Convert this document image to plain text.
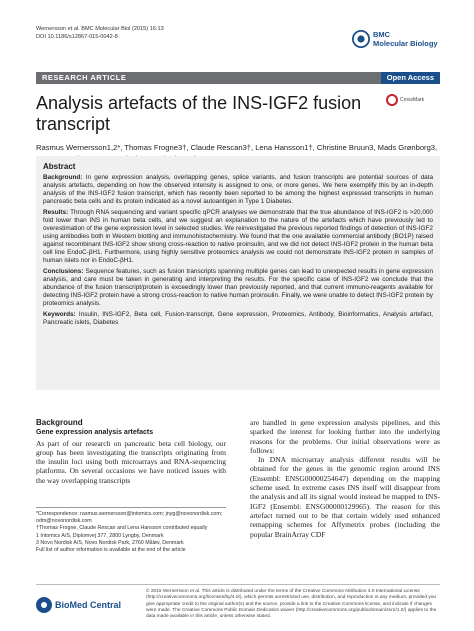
Wernersson et al. BMC Molecular Biol (2015) 16:13
DOI 10.1186/s12867-015-0042-8	BMC
Molecular Biology
RESEARCH ARTICLE	Open Access
Analysis artefacts of the INS-IGF2 fusion transcript
CrossMark
Rasmus Wernersson1,2*, Thomas Frogne3†, Claude Rescan3†, Lena Hansson1†, Christine Bruun3, Mads Grønborg3,
Abstract

Background: In gene expression analysis, overlapping genes, splice variants, and fusion transcripts are potential sources of data analysis artefacts, depending on how the observed intensity is assigned to one, or more genes. We here exemplify this by an in-depth analysis of the INS-IGF2 fusion transcript, which has recently been reported to be among the highest expressed transcripts in human pancreatic beta cells and its protein indicated as a novel autoantigen in Type 1 Diabetes.

Results: Through RNA sequencing and variant specific qPCR analyses we demonstrate that the true abundance of INS-IGF2 is >20,000 fold lower than INS in human beta cells, and we suggest an explanation to the nature of the artefacts which have previously led to overestimation of the gene expression level in selected studies. We reinvestigated the previous reported findings of detection of INS-IGF2 using antibodies both in Western blotting and immunohistochemistry. We found that the one available commercial antibody (BO1P) raised against recombinant INS-IGF2 show strong cross-reaction to native proinsulin, and we did not detect INS-IGF2 protein in the human beta cell line EndoC-βH1. Furthermore, using highly sensitive proteomics analysis we could not demonstrate INS-IGF2 protein in samples of human islets nor in EndoC-βH1.

Conclusions: Sequence features, such as fusion transcripts spanning multiple genes can lead to unexpected results in gene expression analysis, and care must be taken in generating and interpreting the results. For the specific case of INS-IGF2 we conclude that the abundance of the fusion transcript/protein is exceedingly lower than previously reported, and that current immuno-reagents available for detecting INS-IGF2 protein have a strong cross-reaction to native human proinsulin. Finally, we were unable to detect INS-IGF2 protein by proteomics analysis.

Keywords: Insulin, INS-IGF2, Beta cell, Fusion-transcript, Gene expression, Proteomics, Antibody, Bioinformatics, Analysis artefact, Pancreatic islets, Diabetes

Background
Gene expression analysis artefacts

As part of our research on pancreatic beta cell biology, our group has been investigating the transcripts originating from the insulin loci using both microarrays and RNA-sequencing platforms. On several occasions we have noticed issues with the way overlapping transcripts

are handled in gene expression analysis pipelines, and this sparked the interest for looking further into the underlying reasons for the problems. Our initial observations were as follows:

In DNA microarray analysis different results will be obtained for the genes in the genomic region around INS (Ensembl: ENSG00000254647) depending on the mapping scheme used. In extreme cases INS itself will disappear from the analysis and all its signal would instead be mapped to INS-IGF2 (Ensembl: ENSG00000129965). The reason for this artefact turned out to be that certain widely used enhanced remapping schemes for Affymetrix probes (including the popular BrainArray CDF

*Correspondence: rasmus.wernersson@intomics.com; jnyg@novonordisk.com; odm@novonordisk.com
†Thomas Frogne, Claude Rescan and Lena Hansson contributed equally
1 Intomics A/S, Diplomvej 377, 2800 Lyngby, Denmark
3 Novo Nordisk A/S, Novo Nordisk Park, 2760 Måløv, Denmark
Full list of author information is available at the end of the article
BioMed Central
© 2015 Wernersson et al. This article is distributed under the terms of the Creative Commons Attribution 4.0 International License (http://creativecommons.org/licenses/by/4.0/), which permits unrestricted use, distribution, and reproduction in any medium, provided you give appropriate credit to the original author(s) and the source, provide a link to the Creative Commons license, and indicate if changes were made. The Creative Commons Public Domain Dedication waiver (http://creativecommons.org/publicdomain/zero/1.0/) applies to the data made available in this article, unless otherwise stated.
